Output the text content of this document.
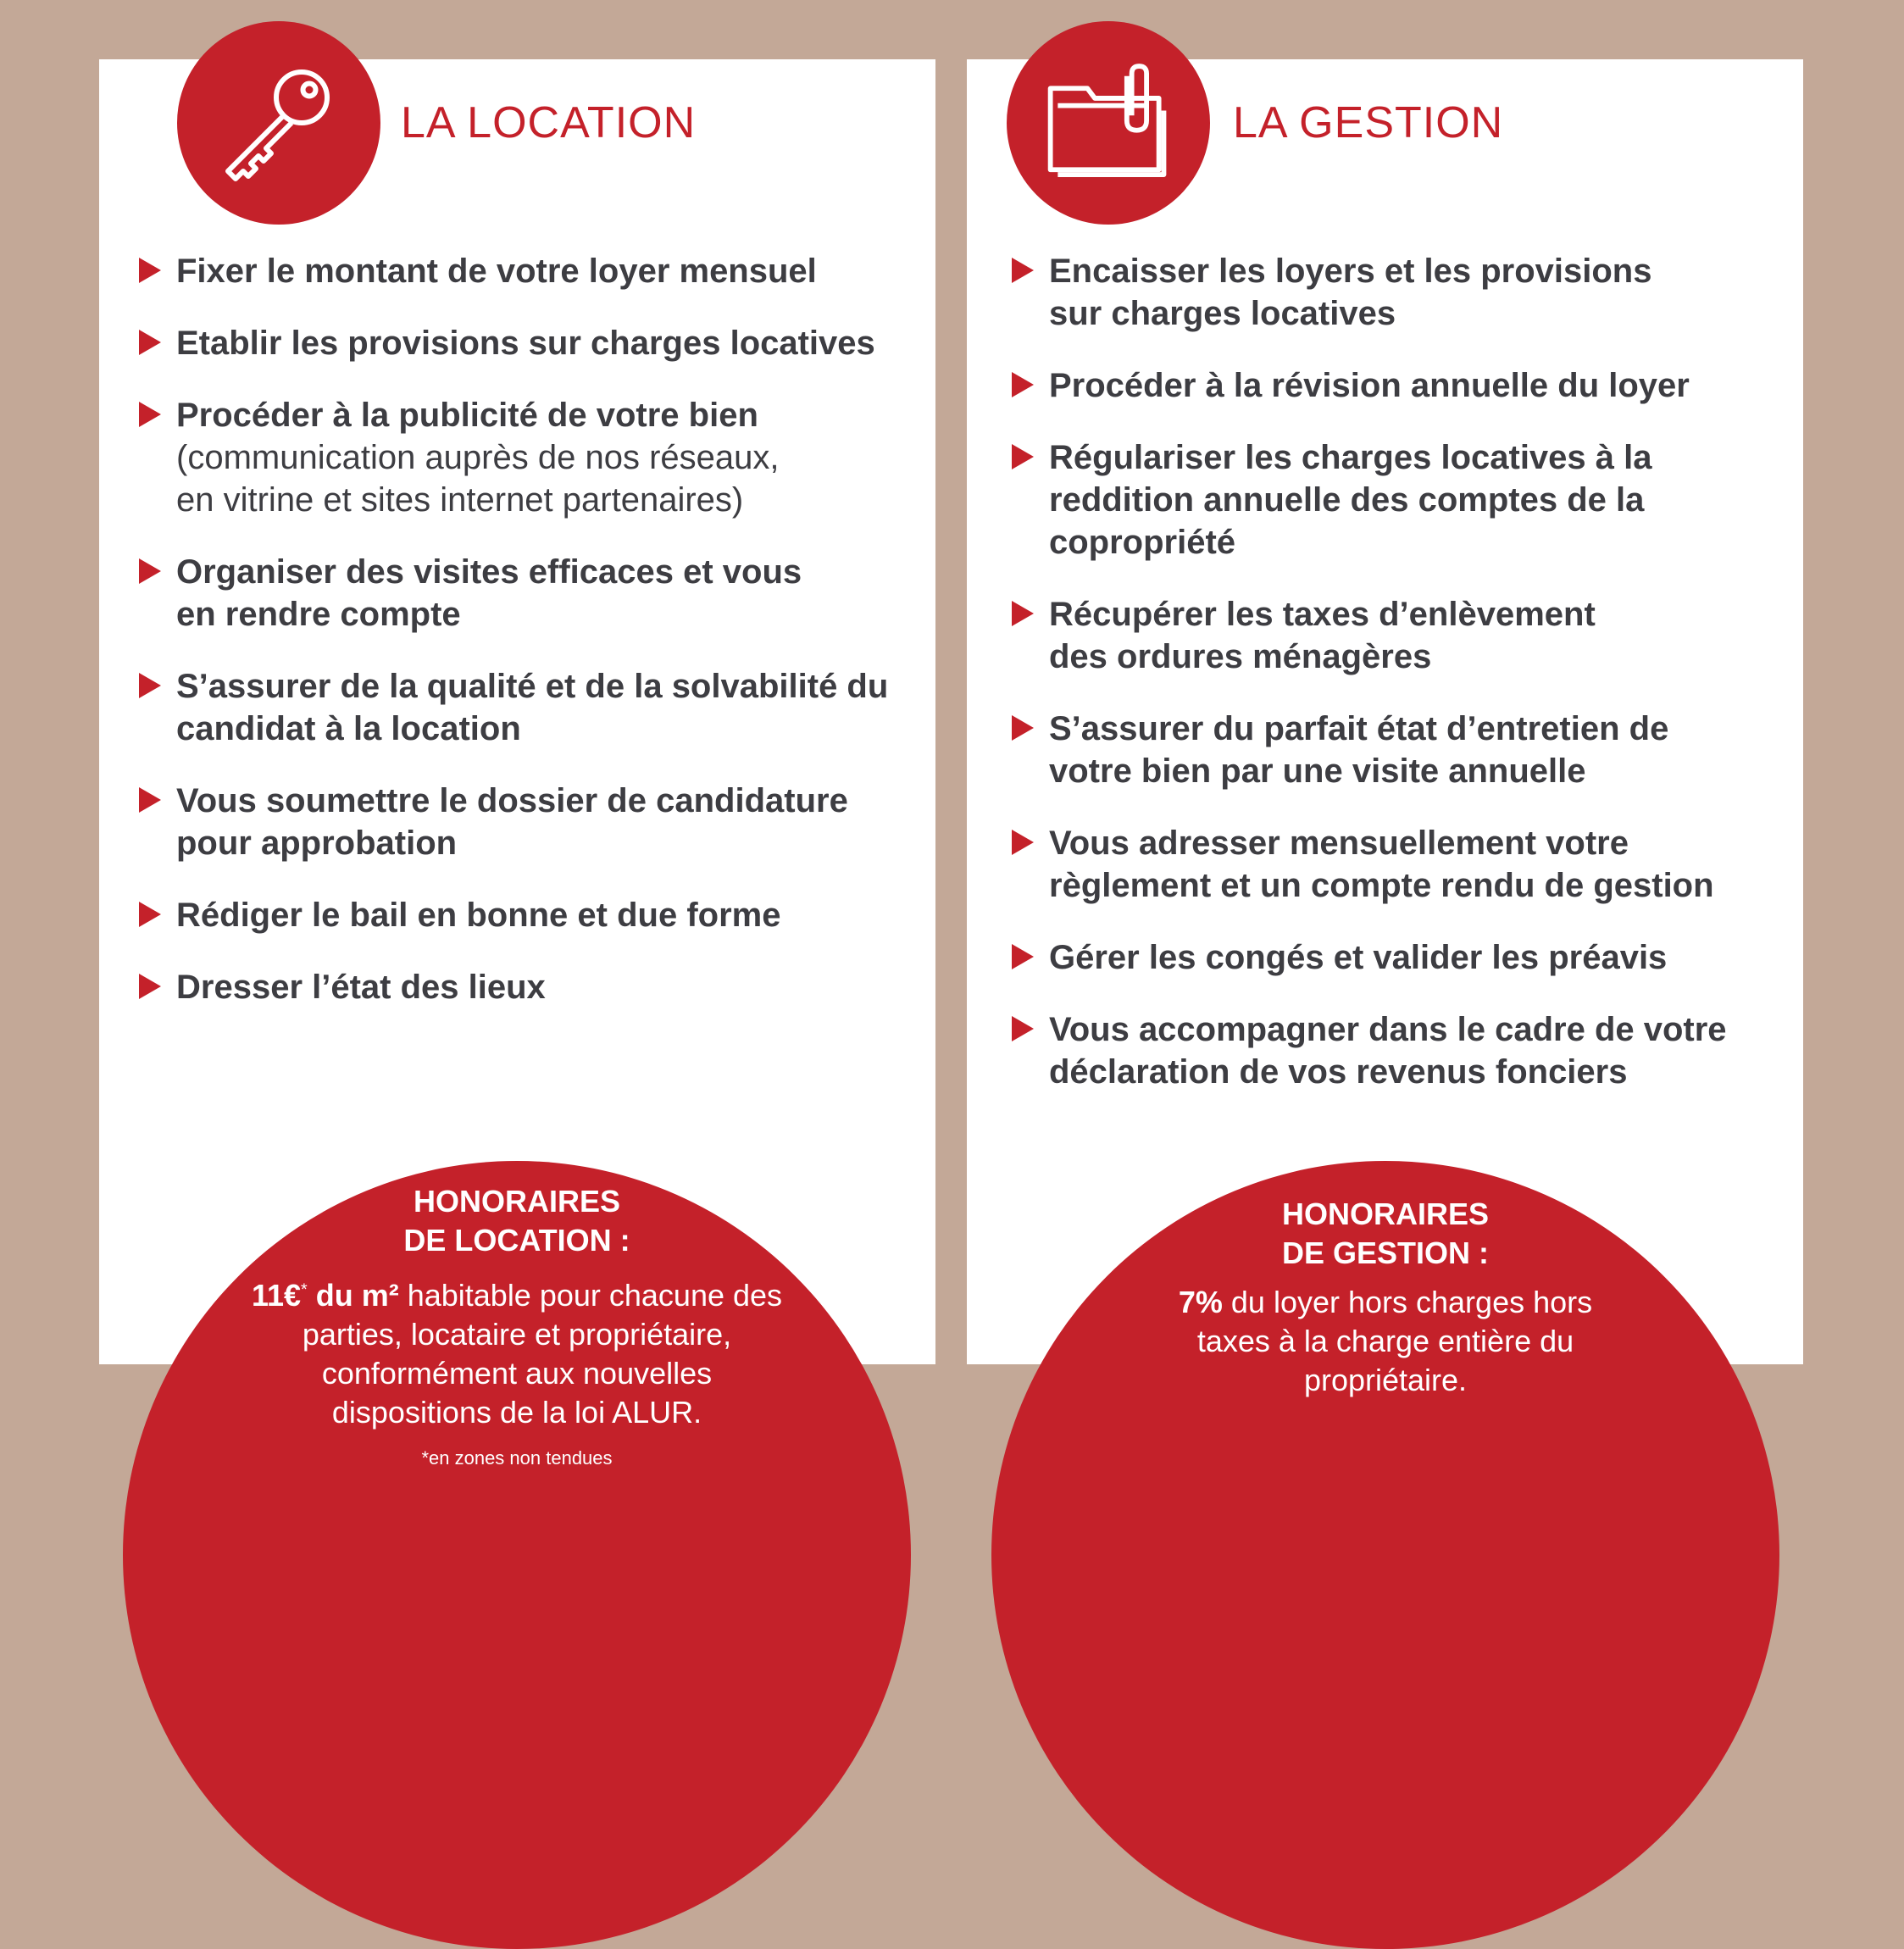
LA LOCATION	LA GESTION
Fixer le montant de votre loyer mensuel
Etablir les provisions sur charges locatives
Procéder à la publicité de votre bien
(communication auprès de nos réseaux, en vitrine et sites internet partenaires)
Organiser des visites efficaces et vous en rendre compte
S’assurer de la qualité et de la solvabilité du candidat à la location
Vous soumettre le dossier de candidature pour approbation
Rédiger le bail en bonne et due forme
Dresser l’état des lieux
Encaisser les loyers et les provisions sur charges locatives
Procéder à la révision annuelle du loyer
Régulariser les charges locatives à la reddition annuelle des comptes de la copropriété
Récupérer les taxes d’enlèvement des ordures ménagères
S’assurer du parfait état d’entretien de votre bien par une visite annuelle
Vous adresser mensuellement votre règlement et un compte rendu de gestion
Gérer les congés et valider les préavis
Vous accompagner dans le cadre de votre déclaration de vos revenus fonciers
HONORAIRES
DE LOCATION :
11€* du m² habitable pour chacune des parties, locataire et propriétaire, conformément aux nouvelles dispositions de la loi ALUR.
*en zones non tendues
HONORAIRES
DE GESTION :
7% du loyer hors charges hors taxes à la charge entière du propriétaire.
